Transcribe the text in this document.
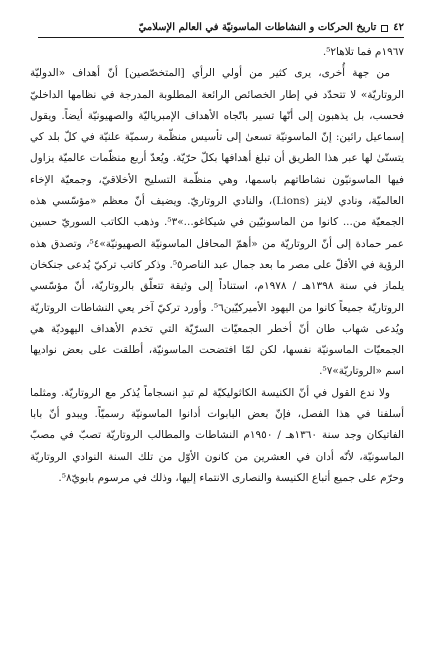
٤٢
تاريخ الحركات و النشاطات الماسونيّة في العالم الإسلاميّ

١٩٦٧م فما تلاها⁵٢.

من جهة أُخرى، يرى كثير من أولي الرأي [المتخصّصين] أنّ أهداف «الدوليّة الروتاريّة» لا تتحدّد في إطار الخصائص الرائعة المطلوبة المدرجة في نظامها الداخليّ فحسب، بل يذهبون إلى أنّها تسير باتّجاه الأهداف الإمبرياليّة والصهيونيّة أيضاً. ويقول إسماعيل رائين: إنّ الماسونيّة تسعىٰ إلى تأسيس منظّمة رسميّة علنيّة في كلّ بلد كي يتسنّىٰ لها عبر هذا الطريق أن تبلغ أهدافها بكلّ حرّيّة. ويُعدّ أربع منظّمات عالميّة يزاول فيها الماسونيّون نشاطاتهم باسمها، وهي منظّمة التسليح الأخلاقيّ، وجمعيّة الإخاء العالميّة، ونادي لاينز (Lions)، والنادي الروتاريّ. ويضيف أنّ معظم «مؤسّسي هذه الجمعيّة من... كانوا من الماسونيّين في شيكاغو...»⁵٣. وذهب الكاتب السوريّ حسين عمر حمادة إلى أنّ الروتاريّة من «أهمّ المحافل الماسونيّة الصهيونيّة»⁵٤، وتصدق هذه الرؤية في الأقلّ على مصر ما بعد جمال عبد الناصر⁵٥. وذكر كاتب تركيّ يُدعى جنكخان يلماز في سنة ١٣٩٨هـ / ١٩٧٨م، استناداً إلى وثيقة تتعلّق بالروتاريّة، أنّ مؤسّسي الروتاريّة جميعاً كانوا من اليهود الأميركيّين⁵٦. وأورد تركيّ آخر يعي النشاطات الروتاريّة ويُدعى شهاب طان أنّ أخطر الجمعيّات السرّيّة التي تخدم الأهداف اليهوديّة هي الجمعيّات الماسونيّة نفسها، لكن لمّا افتضحت الماسونيّة، أطلقت على بعض نواديها اسم «الروتاريّة»⁵٧.

ولا ندع القول في أنّ الكنيسة الكاثوليكيّة لم تبدِ انسجاماً يُذكر مع الروتاريّة. ومثلما أسلفنا في هذا الفصل، فإنّ بعض البابوات أدانوا الماسونيّة رسميّاً. ويبدو أنّ بابا الفاتيكان وجد سنة ١٣٦٠هـ / ١٩٥٠م النشاطات والمطالب الروتاريّة تصبّ في مصبّ الماسونيّة، لأنّه أدان في العشرين من كانون الأوّل من تلك السنة النوادي الروتاريّة وحرّم على جميع أتباع الكنيسة والنصارى الانتماء إليها، وذلك في مرسوم بابويّ⁵٨.
